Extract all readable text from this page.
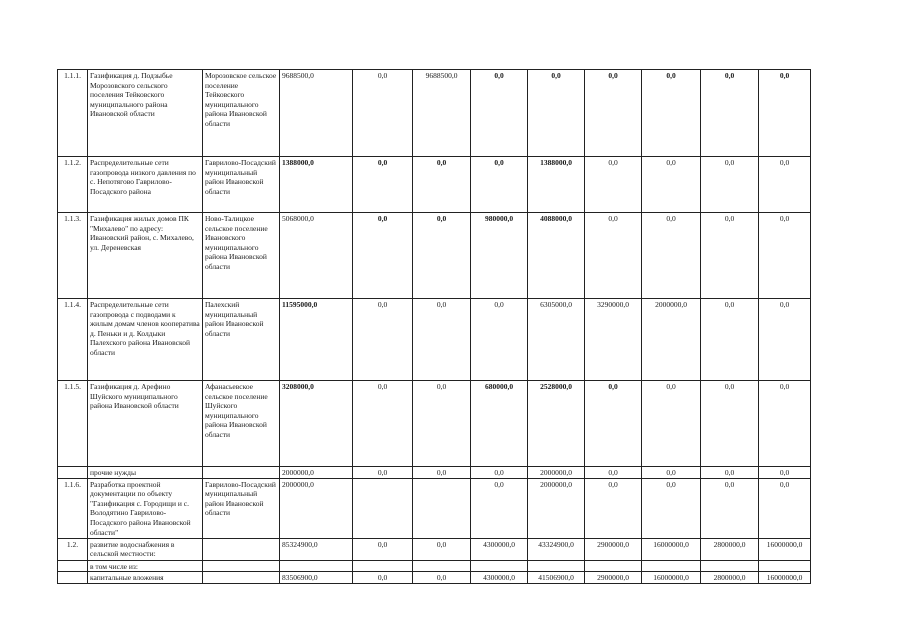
1.1.1.	Газификация д. Подзыбье Морозовского сельского поселения Тейковского муниципального района Ивановской области	Морозовское сельское поселение Тейковского муниципального района Ивановской области	9688500,0	0,0	9688500,0	0,0	0,0	0,0	0,0	0,0	0,0
1.1.2.	Распределительные сети газопровода низкого давления по с. Непотягово Гаврилово-Посадского района	Гаврилово-Посадский муниципальный район Ивановской области	1388000,0	0,0	0,0	0,0	1388000,0	0,0	0,0	0,0	0,0
1.1.3.	Газификация жилых домов ПК "Михалево" по адресу: Ивановский район, с. Михалево, ул. Дереневская	Ново-Талицкое сельское поселение Ивановского муниципального района Ивановской области	5068000,0	0,0	0,0	980000,0	4088000,0	0,0	0,0	0,0	0,0
1.1.4.	Распределительные сети газопровода с подводами к жилым домам членов кооператива д. Пеньки и д. Колдыки Палехского района Ивановской области	Палехский муниципальный район Ивановской области	11595000,0	0,0	0,0	0,0	6305000,0	3290000,0	2000000,0	0,0	0,0
1.1.5.	Газификация д. Арефино Шуйского муниципального района Ивановской области	Афанасьевское сельское поселение Шуйского муниципального района Ивановской области	3208000,0	0,0	0,0	680000,0	2528000,0	0,0	0,0	0,0	0,0
	прочие нужды		2000000,0	0,0	0,0	0,0	2000000,0	0,0	0,0	0,0	0,0
1.1.6.	Разработка проектной документации по объекту "Газификация с. Городищи и с. Володятино Гаврилово-Посадского района Ивановской области"	Гаврилово-Посадский муниципальный район Ивановской области	2000000,0			0,0	2000000,0	0,0	0,0	0,0	0,0
1.2.	развитие водоснабжения в сельской местности:		85324900,0	0,0	0,0	4300000,0	43324900,0	2900000,0	16000000,0	2800000,0	16000000,0
	в том числе из:										
	капитальные вложения		83506900,0	0,0	0,0	4300000,0	41506900,0	2900000,0	16000000,0	2800000,0	16000000,0
